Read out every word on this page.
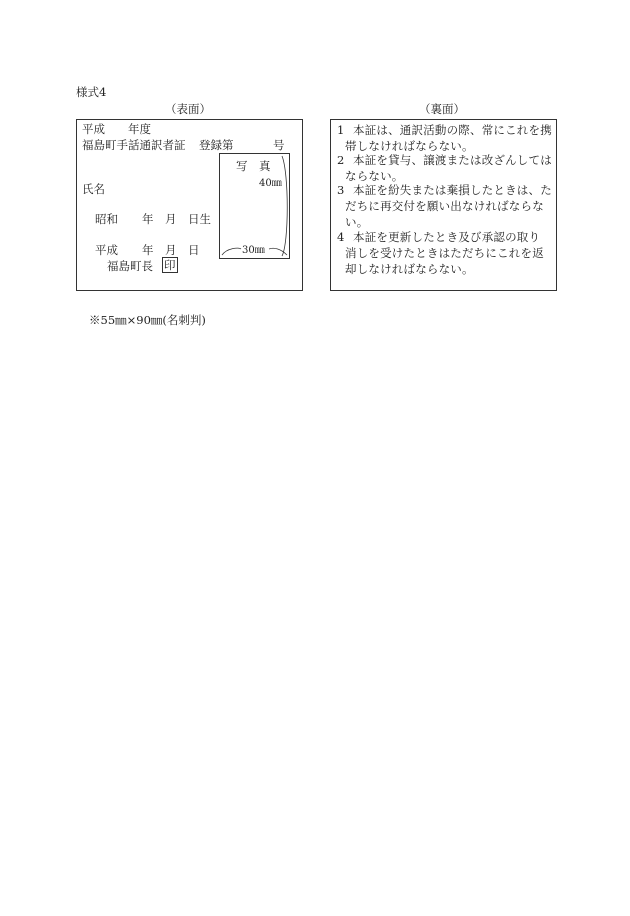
様式4
（表面）	（裏面）
平成 年度
福島町手話通訳者証 登録第	号
写　真
40㎜
30㎜
氏名
昭和 年 月 日生
平成 年 月 日
福島町長 印
1 本証は、通訳活動の際、常にこれを携
帯しなければならない。
2 本証を貸与、譲渡または改ざんしては
ならない。
3 本証を紛失または棄損したときは、た
だちに再交付を願い出なければならな
い。
4 本証を更新したとき及び承認の取り
消しを受けたときはただちにこれを返
却しなければならない。
※55㎜×90㎜(名刺判)
